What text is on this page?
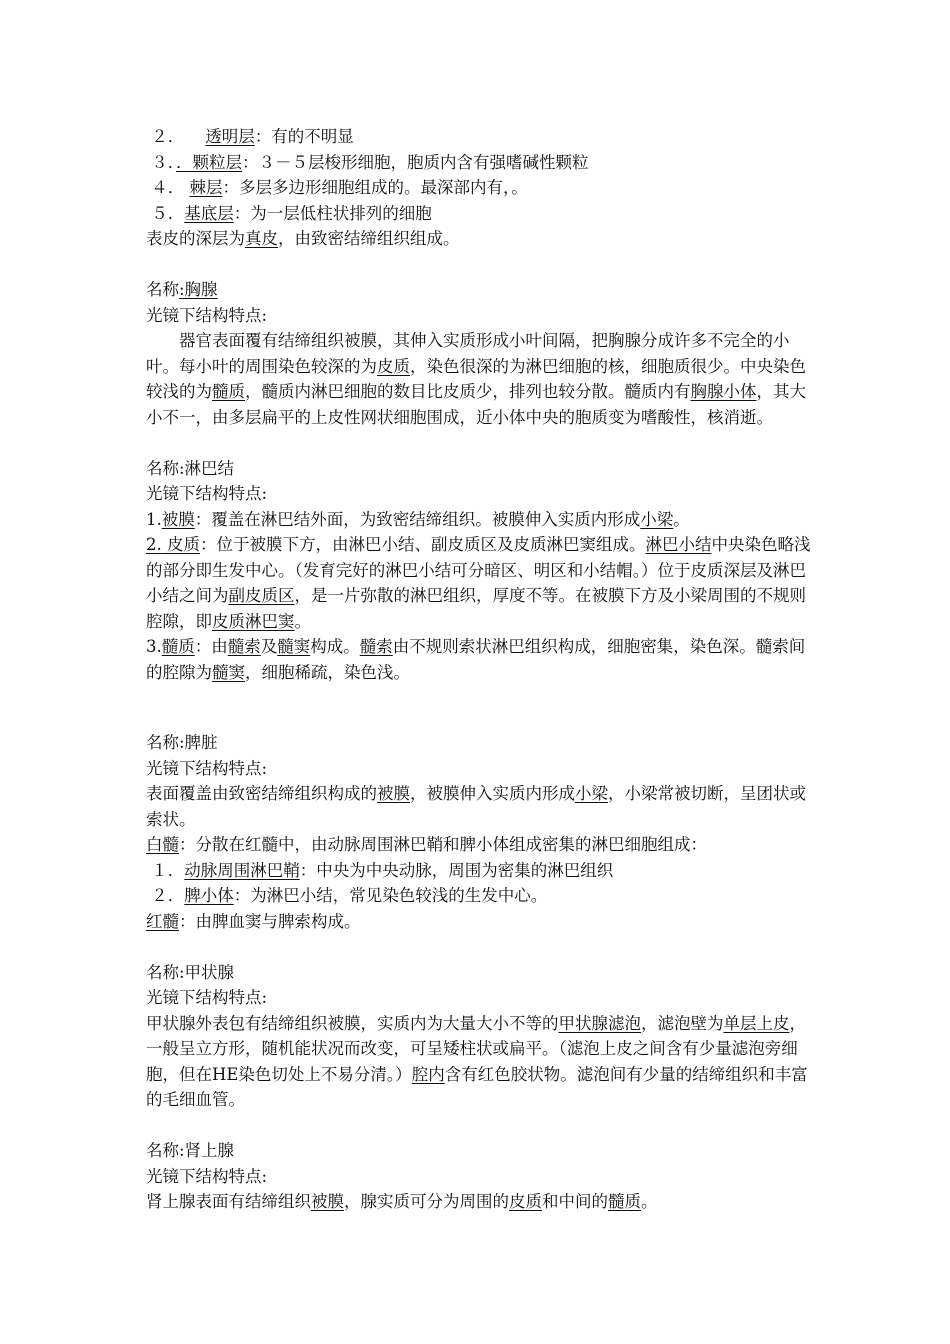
２． 透明层：有的不明显
３．．颗粒层：３－５层梭形细胞，胞质内含有强嗜碱性颗粒
４． 棘层：多层多边形细胞组成的。最深部内有，。
５．基底层：为一层低柱状排列的细胞
表皮的深层为真皮，由致密结缔组织组成。
名称:胸腺
光镜下结构特点:
器官表面覆有结缔组织被膜，其伸入实质形成小叶间隔，把胸腺分成许多不完全的小叶。每小叶的周围染色较深的为皮质，染色很深的为淋巴细胞的核，细胞质很少。中央染色较浅的为髓质，髓质内淋巴细胞的数目比皮质少，排列也较分散。髓质内有胸腺小体，其大小不一，由多层扁平的上皮性网状细胞围成，近小体中央的胞质变为嗜酸性，核消逝。
名称:淋巴结
光镜下结构特点:
1.被膜：覆盖在淋巴结外面，为致密结缔组织。被膜伸入实质内形成小梁。
2. 皮质：位于被膜下方，由淋巴小结、副皮质区及皮质淋巴窦组成。淋巴小结中央染色略浅的部分即生发中心。（发育完好的淋巴小结可分暗区、明区和小结帽。）位于皮质深层及淋巴小结之间为副皮质区，是一片弥散的淋巴组织，厚度不等。在被膜下方及小梁周围的不规则腔隙，即皮质淋巴窦。
3.髓质：由髓索及髓窦构成。髓索由不规则索状淋巴组织构成，细胞密集，染色深。髓索间的腔隙为髓窦，细胞稀疏，染色浅。
名称:脾脏
光镜下结构特点:
表面覆盖由致密结缔组织构成的被膜，被膜伸入实质内形成小梁，小梁常被切断，呈团状或索状。
白髓：分散在红髓中，由动脉周围淋巴鞘和脾小体组成密集的淋巴细胞组成：
１．动脉周围淋巴鞘：中央为中央动脉，周围为密集的淋巴组织
２．脾小体：为淋巴小结，常见染色较浅的生发中心。
红髓：由脾血窦与脾索构成。
名称:甲状腺
光镜下结构特点:
甲状腺外表包有结缔组织被膜，实质内为大量大小不等的甲状腺滤泡，滤泡壁为单层上皮，一般呈立方形，随机能状况而改变，可呈矮柱状或扁平。（滤泡上皮之间含有少量滤泡旁细胞，但在HE染色切处上不易分清。）腔内含有红色胶状物。滤泡间有少量的结缔组织和丰富的毛细血管。
名称:肾上腺
光镜下结构特点:
肾上腺表面有结缔组织被膜，腺实质可分为周围的皮质和中间的髓质。
